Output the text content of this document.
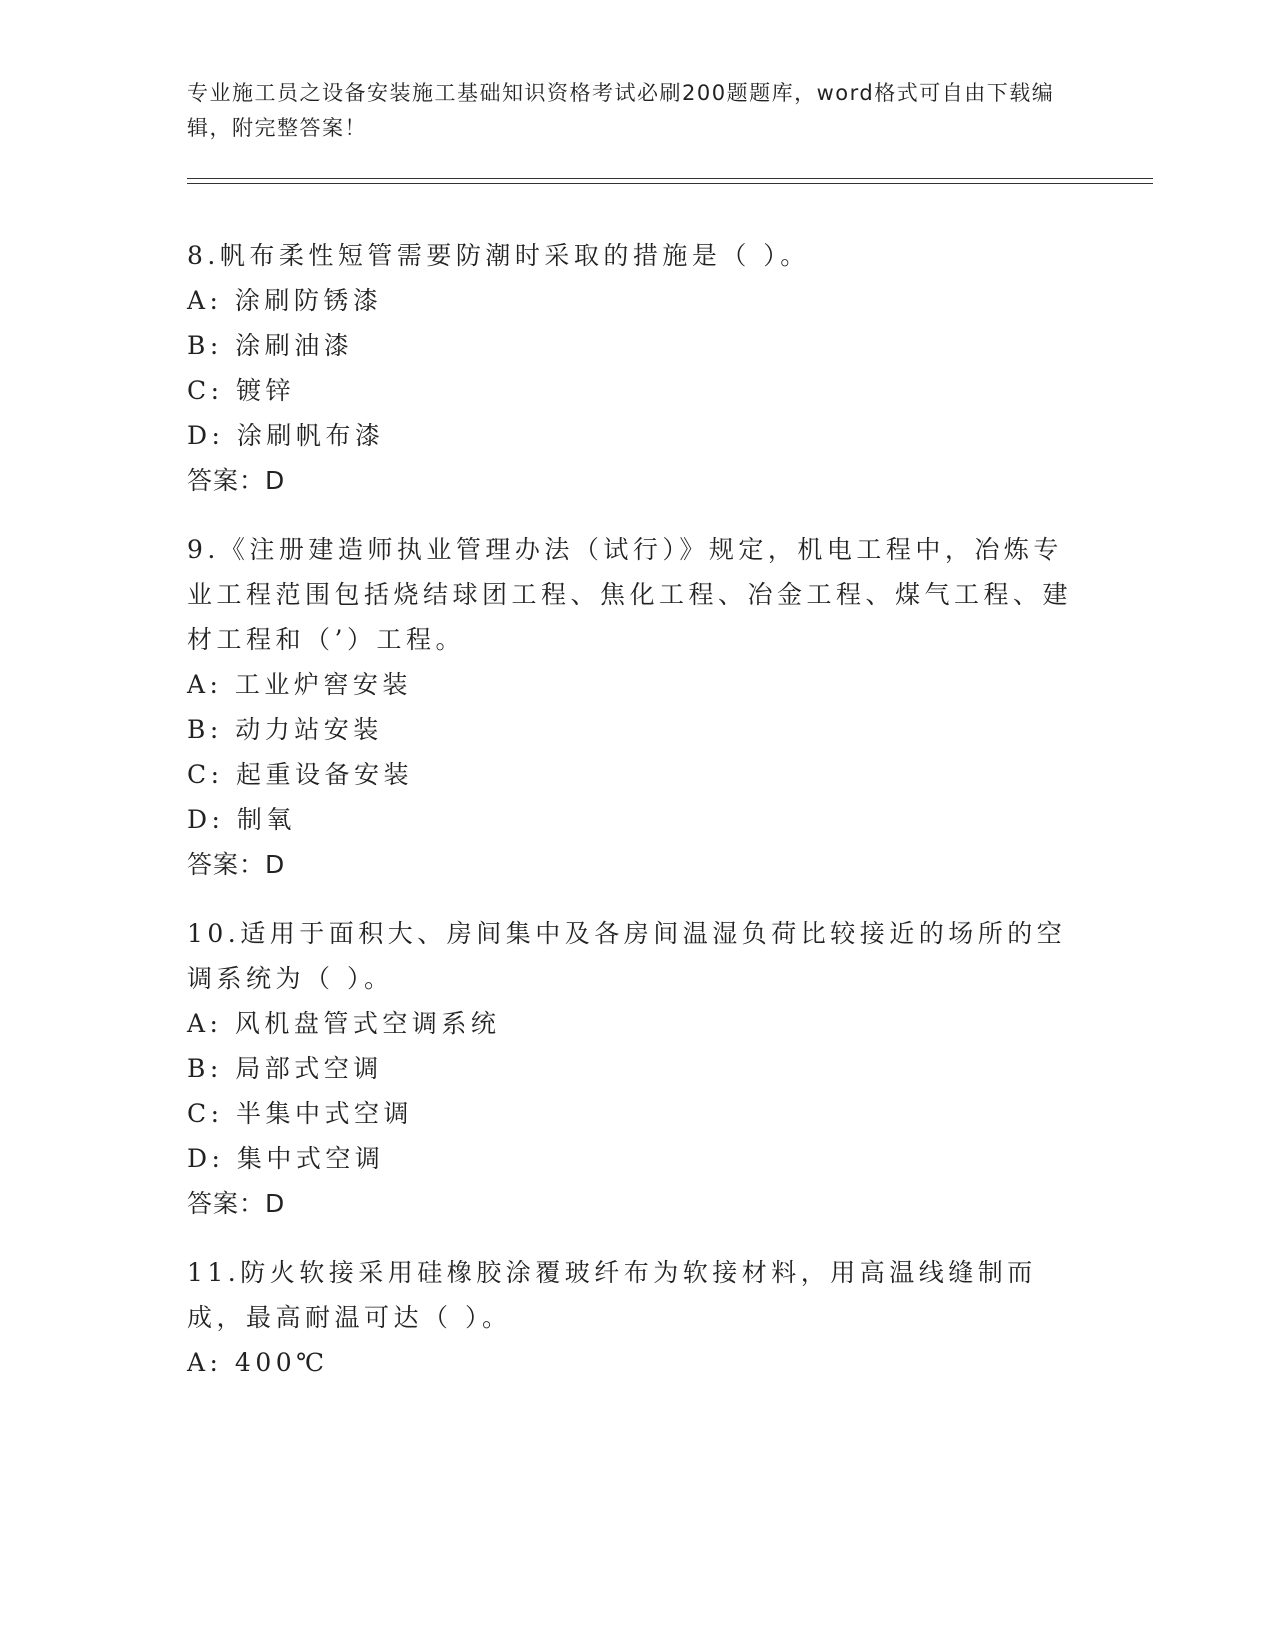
专业施工员之设备安装施工基础知识资格考试必刷200题题库，word格式可自由下载编辑，附完整答案！

8.帆布柔性短管需要防潮时采取的措施是（ ）。

A: 涂刷防锈漆

B: 涂刷油漆

C: 镀锌

D: 涂刷帆布漆

答案：D

9.《注册建造师执业管理办法（试行）》规定，机电工程中，冶炼专业工程范围包括烧结球团工程、焦化工程、冶金工程、煤气工程、建材工程和（’）工程。

A: 工业炉窖安装

B: 动力站安装

C: 起重设备安装

D: 制氧

答案：D

10.适用于面积大、房间集中及各房间温湿负荷比较接近的场所的空调系统为（ ）。

A: 风机盘管式空调系统

B: 局部式空调

C: 半集中式空调

D: 集中式空调

答案：D

11.防火软接采用硅橡胶涂覆玻纤布为软接材料，用高温线缝制而成，最高耐温可达（ ）。

A: 400℃
